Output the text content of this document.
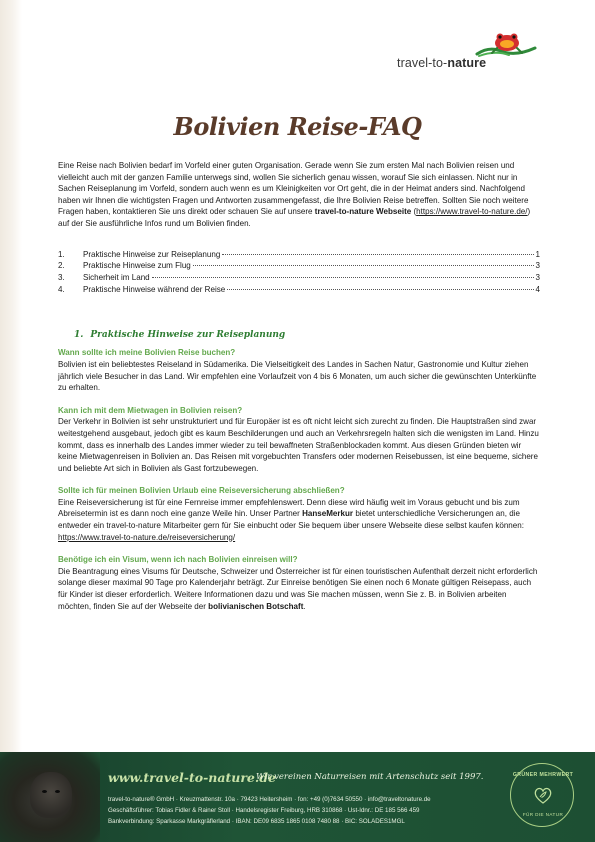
travel-to-nature
Bolivien Reise-FAQ

Eine Reise nach Bolivien bedarf im Vorfeld einer guten Organisation. Gerade wenn Sie zum ersten Mal nach Bolivien reisen und vielleicht auch mit der ganzen Familie unterwegs sind, wollen Sie sicherlich genau wissen, worauf Sie sich einlassen. Nicht nur in Sachen Reiseplanung im Vorfeld, sondern auch wenn es um Kleinigkeiten vor Ort geht, die in der Heimat anders sind. Nachfolgend haben wir Ihnen die wichtigsten Fragen und Antworten zusammengefasst, die Ihre Bolivien Reise betreffen. Sollten Sie noch weitere Fragen haben, kontaktieren Sie uns direkt oder schauen Sie auf unsere travel-to-nature Webseite (https://www.travel-to-nature.de/) auf der Sie ausführliche Infos rund um Bolivien finden.

1.	Praktische Hinweise zur Reiseplanung	1
2.	Praktische Hinweise zum Flug	3
3.	Sicherheit im Land	3
4.	Praktische Hinweise während der Reise	4
1. Praktische Hinweise zur Reiseplanung
Wann sollte ich meine Bolivien Reise buchen?

Bolivien ist ein beliebtestes Reiseland in Südamerika. Die Vielseitigkeit des Landes in Sachen Natur, Gastronomie und Kultur ziehen jährlich viele Besucher in das Land. Wir empfehlen eine Vorlaufzeit von 4 bis 6 Monaten, um auch sicher die gewünschten Unterkünfte zu erhalten.

Kann ich mit dem Mietwagen in Bolivien reisen?

Der Verkehr in Bolivien ist sehr unstrukturiert und für Europäer ist es oft nicht leicht sich zurecht zu finden. Die Hauptstraßen sind zwar weitestgehend ausgebaut, jedoch gibt es kaum Beschilderungen und auch an Verkehrsregeln halten sich die wenigsten im Land. Hinzu kommt, dass es innerhalb des Landes immer wieder zu teil bewaffneten Straßenblockaden kommt. Aus diesen Gründen bieten wir keine Mietwagenreisen in Bolivien an. Das Reisen mit vorgebuchten Transfers oder modernen Reisebussen, ist eine bequeme, sichere und beliebte Art sich in Bolivien als Gast fortzubewegen.

Sollte ich für meinen Bolivien Urlaub eine Reiseversicherung abschließen?

Eine Reiseversicherung ist für eine Fernreise immer empfehlenswert. Denn diese wird häufig weit im Voraus gebucht und bis zum Abreisetermin ist es dann noch eine ganze Weile hin. Unser Partner HanseMerkur bietet unterschiedliche Versicherungen an, die entweder ein travel-to-nature Mitarbeiter gern für Sie einbucht oder Sie bequem über unsere Webseite diese selbst kaufen können: https://www.travel-to-nature.de/reiseversicherung/

Benötige ich ein Visum, wenn ich nach Bolivien einreisen will?

Die Beantragung eines Visums für Deutsche, Schweizer und Österreicher ist für einen touristischen Aufenthalt derzeit nicht erforderlich solange dieser maximal 90 Tage pro Kalenderjahr beträgt. Zur Einreise benötigen Sie einen noch 6 Monate gültigen Reisepass, auch für Kinder ist dieser erforderlich. Weitere Informationen dazu und was Sie machen müssen, wenn Sie z. B. in Bolivien arbeiten möchten, finden Sie auf der Webseite der bolivianischen Botschaft.

www.travel-to-nature.de
Wir vereinen Naturreisen mit Artenschutz seit 1997.
travel-to-nature® GmbH · Kreuzmattenstr. 10a · 79423 Heitersheim · fon: +49 (0)7634 50550 · info@traveltonature.de
Geschäftsführer: Tobias Fidler & Rainer Stoll · Handelsregister Freiburg, HRB 310868 · Ust-Idnr.: DE 185 566 459
Bankverbindung: Sparkasse Markgräflerland · IBAN: DE09 6835 1865 0108 7480 88 · BIC: SOLADES1MGL
GRÜNER MEHRWERT
FÜR DIE NATUR
